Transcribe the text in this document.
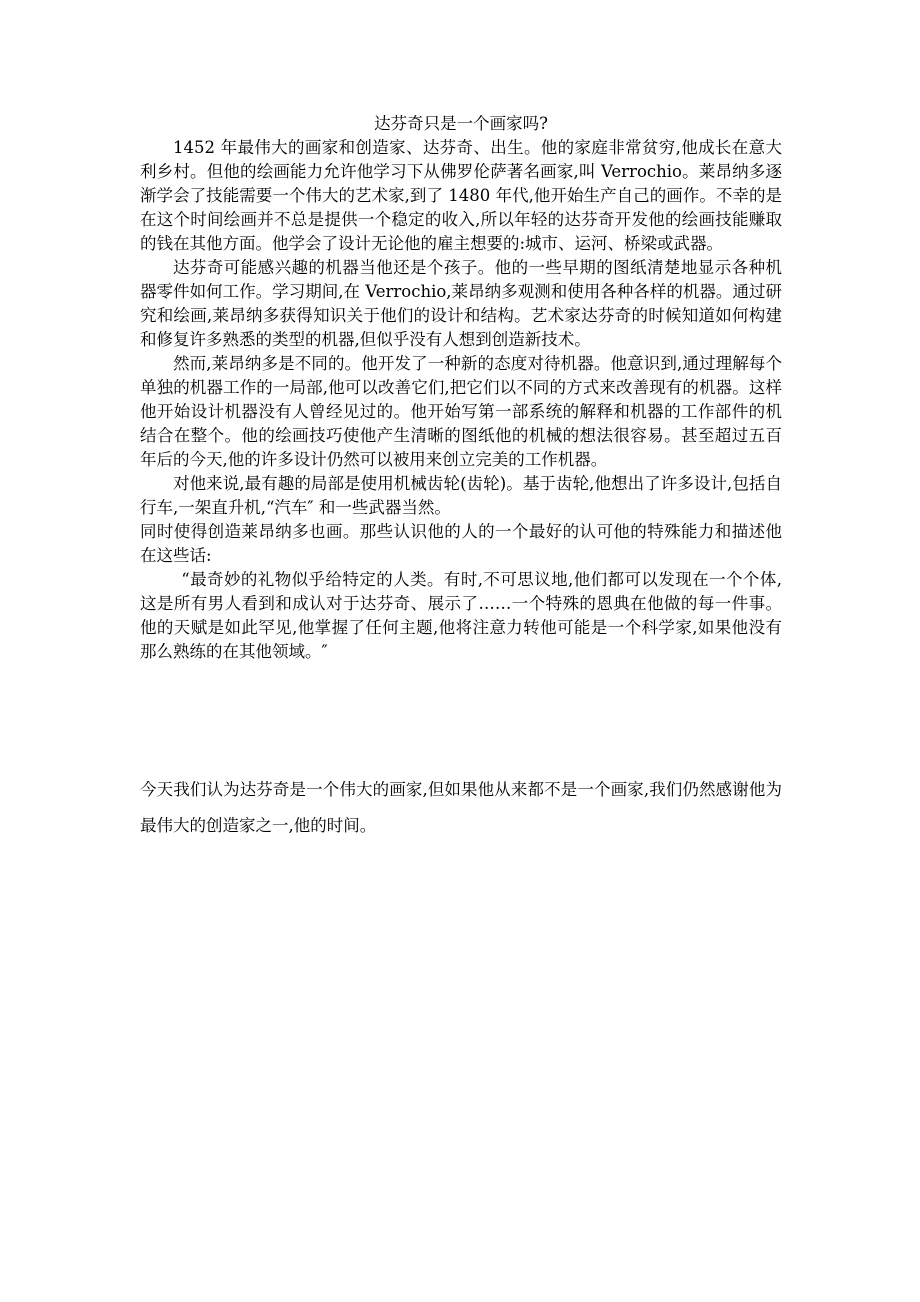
达芬奇只是一个画家吗?

1452 年最伟大的画家和创造家、达芬奇、出生。他的家庭非常贫穷,他成长在意大利乡村。但他的绘画能力允许他学习下从佛罗伦萨著名画家,叫 Verrochio。莱昂纳多逐渐学会了技能需要一个伟大的艺术家,到了 1480 年代,他开始生产自己的画作。不幸的是在这个时间绘画并不总是提供一个稳定的收入,所以年轻的达芬奇开发他的绘画技能赚取的钱在其他方面。他学会了设计无论他的雇主想要的:城市、运河、桥梁或武器。

达芬奇可能感兴趣的机器当他还是个孩子。他的一些早期的图纸清楚地显示各种机器零件如何工作。学习期间,在 Verrochio,莱昂纳多观测和使用各种各样的机器。通过研究和绘画,莱昂纳多获得知识关于他们的设计和结构。艺术家达芬奇的时候知道如何构建和修复许多熟悉的类型的机器,但似乎没有人想到创造新技术。

然而,莱昂纳多是不同的。他开发了一种新的态度对待机器。他意识到,通过理解每个单独的机器工作的一局部,他可以改善它们,把它们以不同的方式来改善现有的机器。这样他开始设计机器没有人曾经见过的。他开始写第一部系统的解释和机器的工作部件的机结合在整个。他的绘画技巧使他产生清晰的图纸他的机械的想法很容易。甚至超过五百年后的今天,他的许多设计仍然可以被用来创立完美的工作机器。

对他来说,最有趣的局部是使用机械齿轮(齿轮)。基于齿轮,他想出了许多设计,包括自行车,一架直升机,“汽车″ 和一些武器当然。

同时使得创造莱昂纳多也画。那些认识他的人的一个最好的认可他的特殊能力和描述他在这些话:

“最奇妙的礼物似乎给特定的人类。有时,不可思议地,他们都可以发现在一个个体,这是所有男人看到和成认对于达芬奇、展示了……一个特殊的恩典在他做的每一件事。他的天赋是如此罕见,他掌握了任何主题,他将注意力转他可能是一个科学家,如果他没有那么熟练的在其他领域。″

今天我们认为达芬奇是一个伟大的画家,但如果他从来都不是一个画家,我们仍然感谢他为最伟大的创造家之一,他的时间。
